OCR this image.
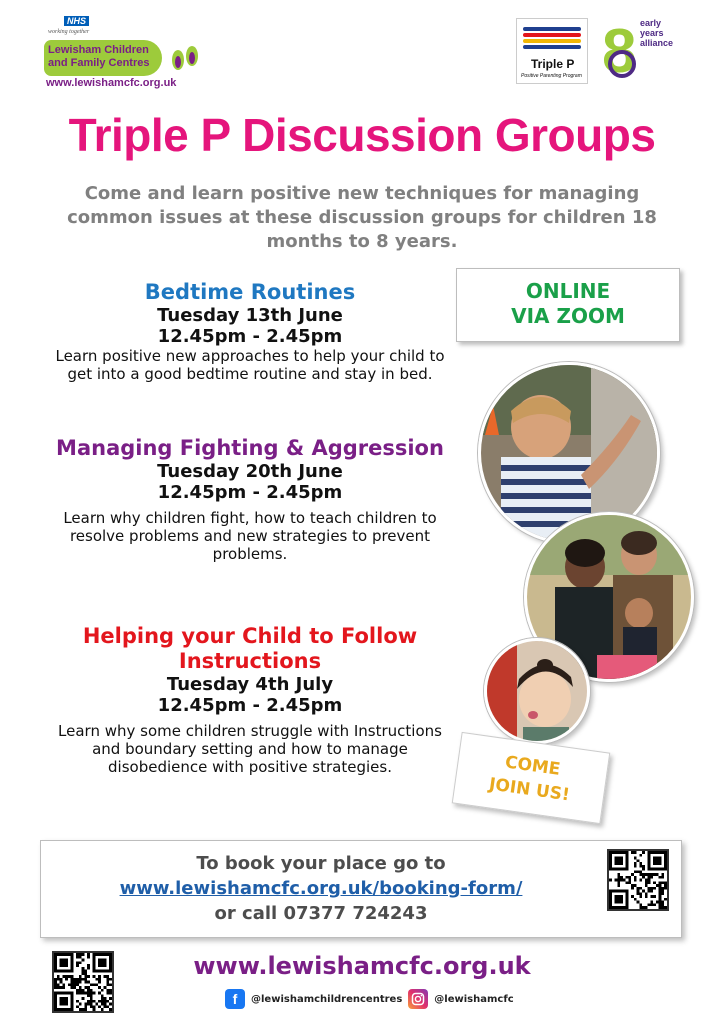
NHS
working together
Lewisham Children and Family Centres
www.lewishamcfc.org.uk
Triple P
Positive Parenting Program 8 early
years
alliance
Triple P Discussion Groups
Come and learn positive new techniques for managing common issues at these discussion groups for children 18 months to 8 years.
Bedtime Routines
Tuesday 13th June
12.45pm - 2.45pm
Learn positive new approaches to help your child to get into a good bedtime routine and stay in bed.
Managing Fighting & Aggression
Tuesday 20th June
12.45pm - 2.45pm
Learn why children fight, how to teach children to resolve problems and new strategies to prevent problems.
Helping your Child to Follow Instructions
Tuesday 4th July
12.45pm - 2.45pm
Learn why some children struggle with Instructions and boundary setting and how to manage disobedience with positive strategies.
ONLINE
VIA ZOOM
COME
JOIN US!
To book your place go to
www.lewishamcfc.org.uk/booking-form/
or call 07377 724243
www.lewishamcfc.org.uk
f	@lewishamchildrencentres	@lewishamcfc
